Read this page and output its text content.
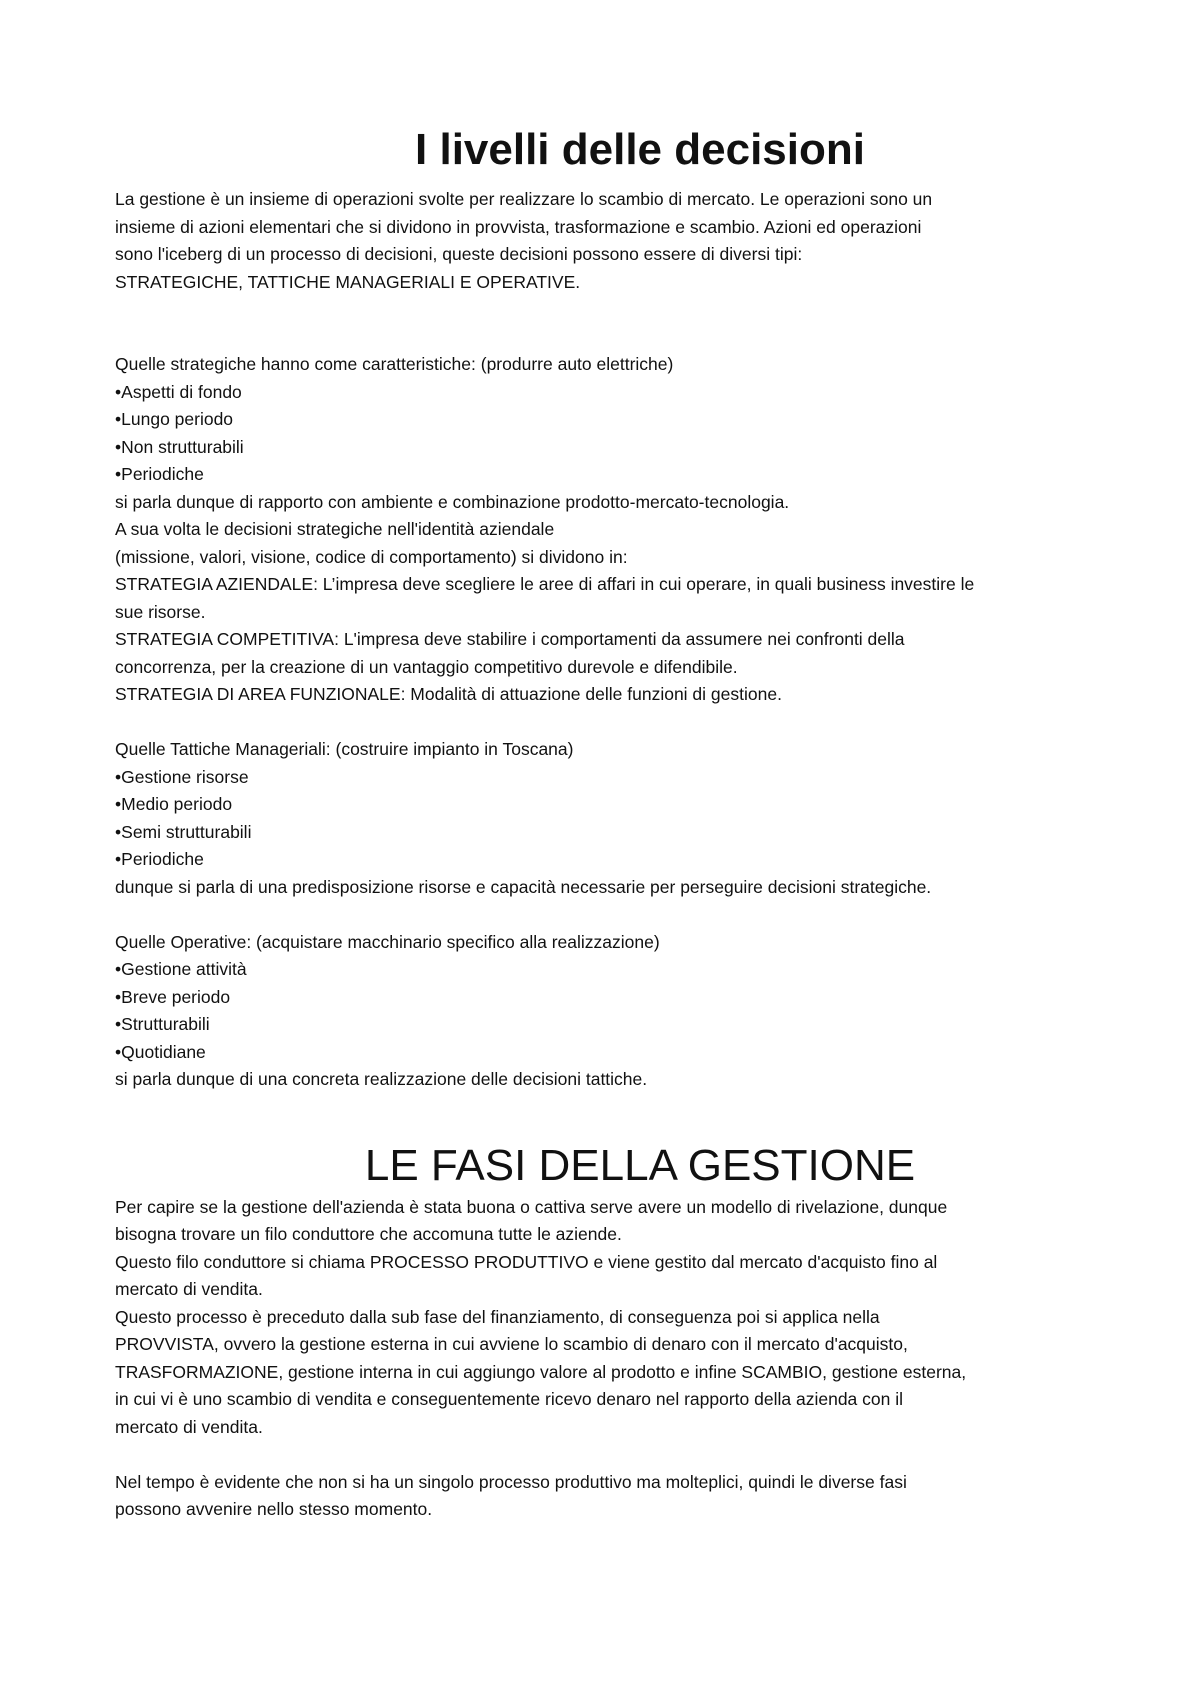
I livelli delle decisioni
La gestione è un insieme di operazioni svolte per realizzare lo scambio di mercato. Le operazioni sono un
insieme di azioni elementari che si dividono in provvista, trasformazione e scambio. Azioni ed operazioni
sono l'iceberg di un processo di decisioni, queste decisioni possono essere di diversi tipi:
STRATEGICHE, TATTICHE MANAGERIALI E OPERATIVE.
Quelle strategiche hanno come caratteristiche: (produrre auto elettriche)
• Aspetti di fondo
• Lungo periodo
• Non strutturabili
• Periodiche
si parla dunque di rapporto con ambiente e combinazione prodotto-mercato-tecnologia.
A sua volta le decisioni strategiche nell'identità aziendale
(missione, valori, visione, codice di comportamento) si dividono in:
STRATEGIA AZIENDALE: L’impresa deve scegliere le aree di affari in cui operare, in quali business investire le
sue risorse.
STRATEGIA COMPETITIVA: L'impresa deve stabilire i comportamenti da assumere nei confronti della
concorrenza, per la creazione di un vantaggio competitivo durevole e difendibile.
STRATEGIA DI AREA FUNZIONALE: Modalità di attuazione delle funzioni di gestione.
Quelle Tattiche Manageriali: (costruire impianto in Toscana)
• Gestione risorse
• Medio periodo
• Semi strutturabili
• Periodiche
dunque si parla di una predisposizione risorse e capacità necessarie per perseguire decisioni strategiche.
Quelle Operative: (acquistare macchinario specifico alla realizzazione)
• Gestione attività
• Breve periodo
• Strutturabili
• Quotidiane
si parla dunque di una concreta realizzazione delle decisioni tattiche.
LE FASI DELLA GESTIONE
Per capire se la gestione dell'azienda è stata buona o cattiva serve avere un modello di rivelazione, dunque
bisogna trovare un filo conduttore che accomuna tutte le aziende.
Questo filo conduttore si chiama PROCESSO PRODUTTIVO e viene gestito dal mercato d'acquisto fino al
mercato di vendita.
Questo processo è preceduto dalla sub fase del finanziamento, di conseguenza poi si applica nella
PROVVISTA, ovvero la gestione esterna in cui avviene lo scambio di denaro con il mercato d'acquisto,
TRASFORMAZIONE, gestione interna in cui aggiungo valore al prodotto e infine SCAMBIO, gestione esterna,
in cui vi è uno scambio di vendita e conseguentemente ricevo denaro nel rapporto della azienda con il
mercato di vendita.
Nel tempo è evidente che non si ha un singolo processo produttivo ma molteplici, quindi le diverse fasi
possono avvenire nello stesso momento.
